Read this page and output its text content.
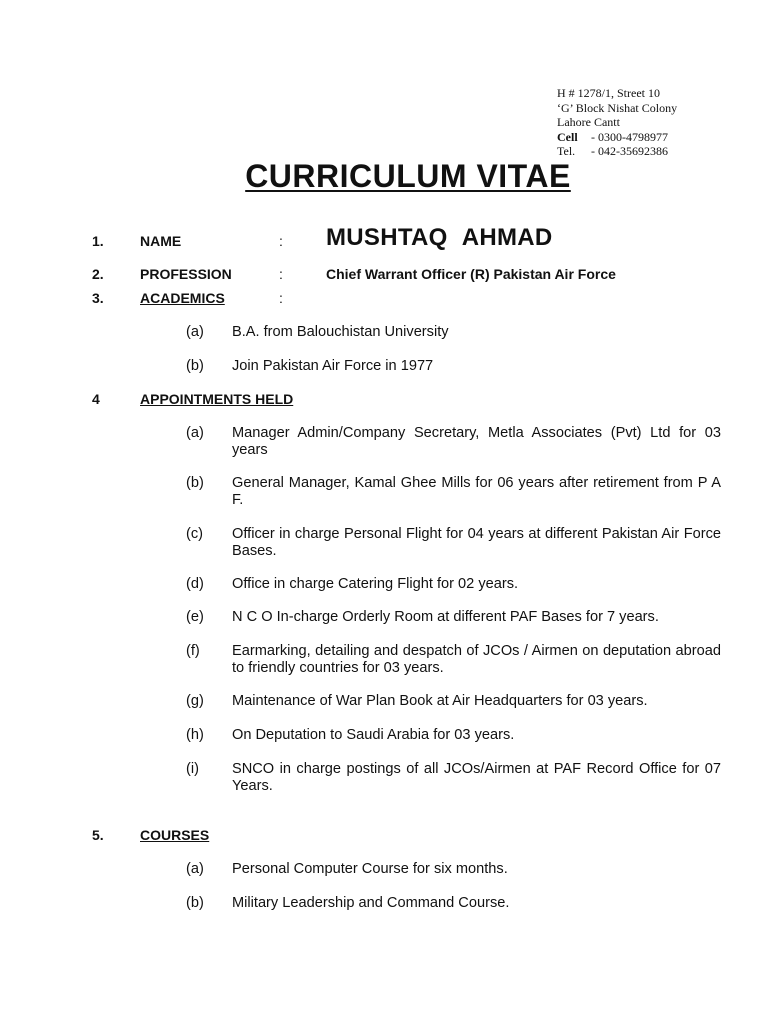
H # 1278/1, Street 10
‘G’ Block Nishat Colony
Lahore Cantt
Cell - 0300-4798977
Tel. - 042-35692386
CURRICULUM VITAE
1.	NAME	: MUSHTAQ AHMAD
2.	PROFESSION	:	Chief Warrant Officer (R) Pakistan Air Force
3.	ACADEMICS	:
(a) B.A. from Balouchistan University
(b) Join Pakistan Air Force in 1977
4	APPOINTMENTS HELD
(a) Manager Admin/Company Secretary, Metla Associates (Pvt) Ltd for 03 years
(b) General Manager, Kamal Ghee Mills for 06 years after retirement from P A F.
(c) Officer in charge Personal Flight for 04 years at different Pakistan Air Force Bases.
(d) Office in charge Catering Flight for 02 years.
(e) N C O In-charge Orderly Room at different PAF Bases for 7 years.
(f) Earmarking, detailing and despatch of JCOs / Airmen on deputation abroad to friendly countries for 03 years.
(g) Maintenance of War Plan Book at Air Headquarters for 03 years.
(h) On Deputation to Saudi Arabia for 03 years.
(i) SNCO in charge postings of all JCOs/Airmen at PAF Record Office for 07 Years.
5.	COURSES
(a) Personal Computer Course for six months.
(b) Military Leadership and Command Course.
